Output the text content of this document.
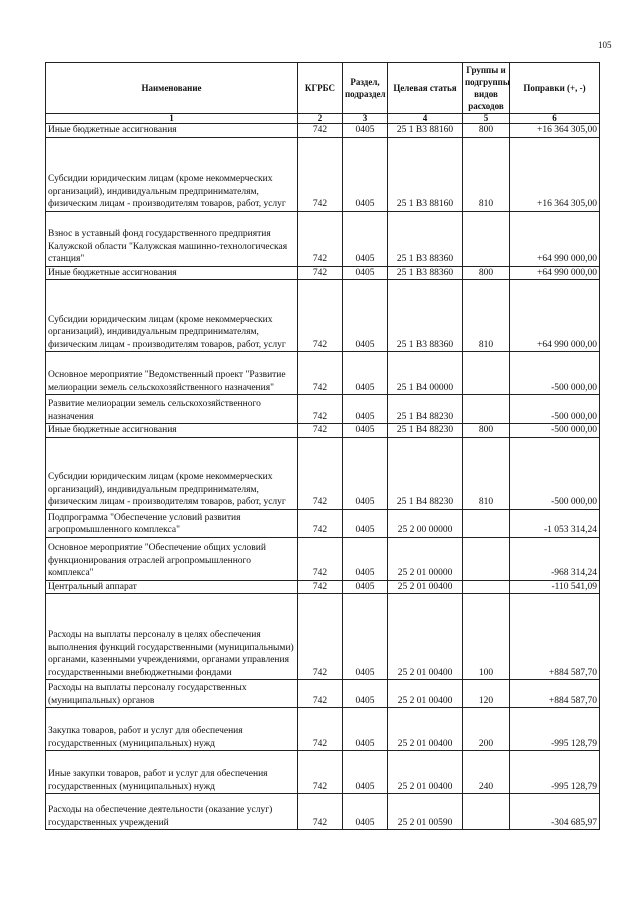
105
Наименование	КГРБС	Раздел, подраздел	Целевая статья	Группы и подгруппы видов расходов	Поправки (+, -)
1	2	3	4	5	6
Иные бюджетные ассигнования	742	0405	25 1 В3 88160	800	+16 364 305,00
Субсидии юридическим лицам (кроме некоммерческих организаций), индивидуальным предпринимателям, физическим лицам - производителям товаров, работ, услуг	742	0405	25 1 В3 88160	810	+16 364 305,00
Взнос в уставный фонд государственного предприятия Калужской области "Калужская машинно-технологическая станция"	742	0405	25 1 В3 88360		+64 990 000,00
Иные бюджетные ассигнования	742	0405	25 1 В3 88360	800	+64 990 000,00
Субсидии юридическим лицам (кроме некоммерческих организаций), индивидуальным предпринимателям, физическим лицам - производителям товаров, работ, услуг	742	0405	25 1 В3 88360	810	+64 990 000,00
Основное мероприятие "Ведомственный проект "Развитие мелиорации земель сельскохозяйственного назначения"	742	0405	25 1 В4 00000		-500 000,00
Развитие мелиорации земель сельскохозяйственного назначения	742	0405	25 1 В4 88230		-500 000,00
Иные бюджетные ассигнования	742	0405	25 1 В4 88230	800	-500 000,00
Субсидии юридическим лицам (кроме некоммерческих организаций), индивидуальным предпринимателям, физическим лицам - производителям товаров, работ, услуг	742	0405	25 1 В4 88230	810	-500 000,00
Подпрограмма "Обеспечение условий развития агропромышленного комплекса"	742	0405	25 2 00 00000		-1 053 314,24
Основное мероприятие "Обеспечение общих условий функционирования отраслей агропромышленного комплекса"	742	0405	25 2 01 00000		-968 314,24
Центральный аппарат	742	0405	25 2 01 00400		-110 541,09
Расходы на выплаты персоналу в целях обеспечения выполнения функций государственными (муниципальными) органами, казенными учреждениями, органами управления государственными внебюджетными фондами	742	0405	25 2 01 00400	100	+884 587,70
Расходы на выплаты персоналу государственных (муниципальных) органов	742	0405	25 2 01 00400	120	+884 587,70
Закупка товаров, работ и услуг для обеспечения государственных (муниципальных) нужд	742	0405	25 2 01 00400	200	-995 128,79
Иные закупки товаров, работ и услуг для обеспечения государственных (муниципальных) нужд	742	0405	25 2 01 00400	240	-995 128,79
Расходы на обеспечение деятельности (оказание услуг) государственных учреждений	742	0405	25 2 01 00590		-304 685,97
